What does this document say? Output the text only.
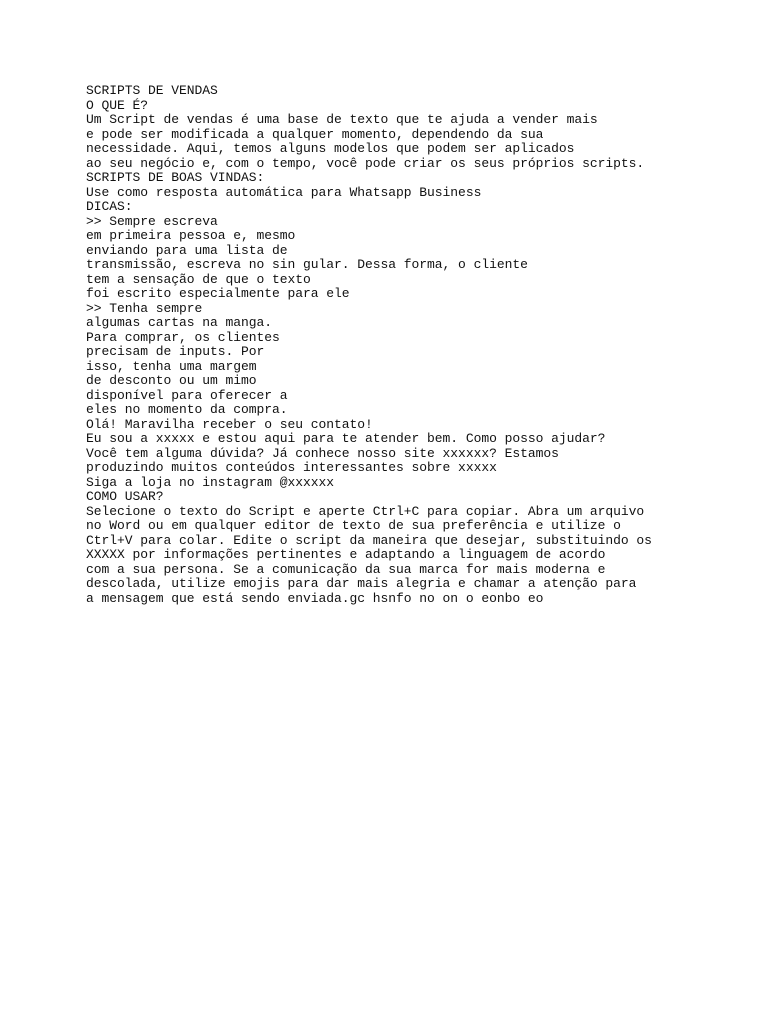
SCRIPTS DE VENDAS
O QUE É?
Um Script de vendas é uma base de texto que te ajuda a vender mais
e pode ser modificada a qualquer momento, dependendo da sua
necessidade. Aqui, temos alguns modelos que podem ser aplicados
ao seu negócio e, com o tempo, você pode criar os seus próprios scripts.
SCRIPTS DE BOAS VINDAS:
Use como resposta automática para Whatsapp Business
DICAS:
>> Sempre escreva
em primeira pessoa e, mesmo
enviando para uma lista de
transmissão, escreva no sin gular. Dessa forma, o cliente
tem a sensação de que o texto
foi escrito especialmente para ele
>> Tenha sempre
algumas cartas na manga.
Para comprar, os clientes
precisam de inputs. Por
isso, tenha uma margem
de desconto ou um mimo
disponível para oferecer a
eles no momento da compra.
Olá! Maravilha receber o seu contato!
Eu sou a xxxxx e estou aqui para te atender bem. Como posso ajudar?
Você tem alguma dúvida? Já conhece nosso site xxxxxx? Estamos
produzindo muitos conteúdos interessantes sobre xxxxx
Siga a loja no instagram @xxxxxx
COMO USAR?
Selecione o texto do Script e aperte Ctrl+C para copiar. Abra um arquivo
no Word ou em qualquer editor de texto de sua preferência e utilize o
Ctrl+V para colar. Edite o script da maneira que desejar, substituindo os
XXXXX por informações pertinentes e adaptando a linguagem de acordo
com a sua persona. Se a comunicação da sua marca for mais moderna e
descolada, utilize emojis para dar mais alegria e chamar a atenção para
a mensagem que está sendo enviada.gc hsnfo no on o eonbo eo
